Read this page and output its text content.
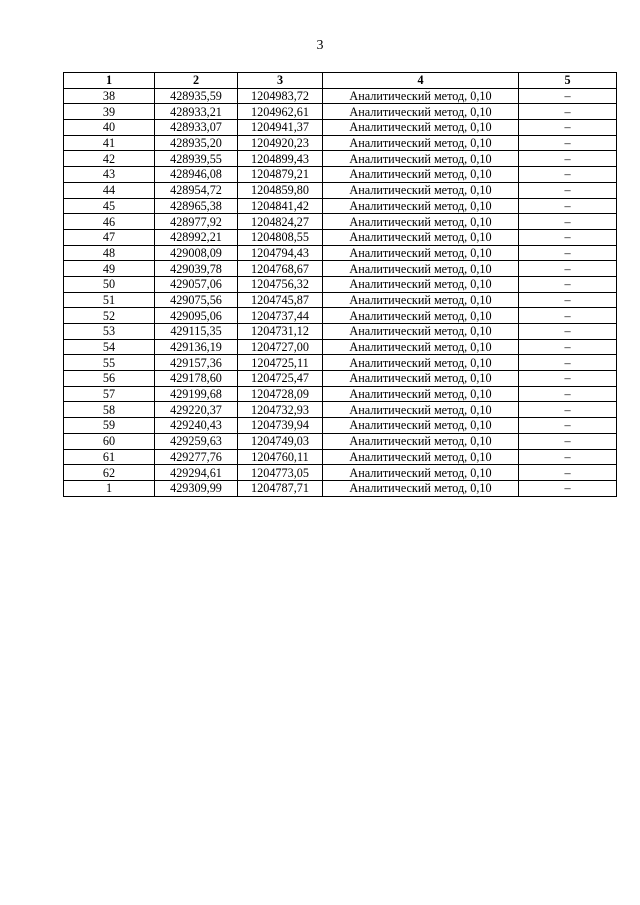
3
1	2	3	4	5
38	428935,59	1204983,72	Аналитический метод, 0,10	–
39	428933,21	1204962,61	Аналитический метод, 0,10	–
40	428933,07	1204941,37	Аналитический метод, 0,10	–
41	428935,20	1204920,23	Аналитический метод, 0,10	–
42	428939,55	1204899,43	Аналитический метод, 0,10	–
43	428946,08	1204879,21	Аналитический метод, 0,10	–
44	428954,72	1204859,80	Аналитический метод, 0,10	–
45	428965,38	1204841,42	Аналитический метод, 0,10	–
46	428977,92	1204824,27	Аналитический метод, 0,10	–
47	428992,21	1204808,55	Аналитический метод, 0,10	–
48	429008,09	1204794,43	Аналитический метод, 0,10	–
49	429039,78	1204768,67	Аналитический метод, 0,10	–
50	429057,06	1204756,32	Аналитический метод, 0,10	–
51	429075,56	1204745,87	Аналитический метод, 0,10	–
52	429095,06	1204737,44	Аналитический метод, 0,10	–
53	429115,35	1204731,12	Аналитический метод, 0,10	–
54	429136,19	1204727,00	Аналитический метод, 0,10	–
55	429157,36	1204725,11	Аналитический метод, 0,10	–
56	429178,60	1204725,47	Аналитический метод, 0,10	–
57	429199,68	1204728,09	Аналитический метод, 0,10	–
58	429220,37	1204732,93	Аналитический метод, 0,10	–
59	429240,43	1204739,94	Аналитический метод, 0,10	–
60	429259,63	1204749,03	Аналитический метод, 0,10	–
61	429277,76	1204760,11	Аналитический метод, 0,10	–
62	429294,61	1204773,05	Аналитический метод, 0,10	–
1	429309,99	1204787,71	Аналитический метод, 0,10	–
